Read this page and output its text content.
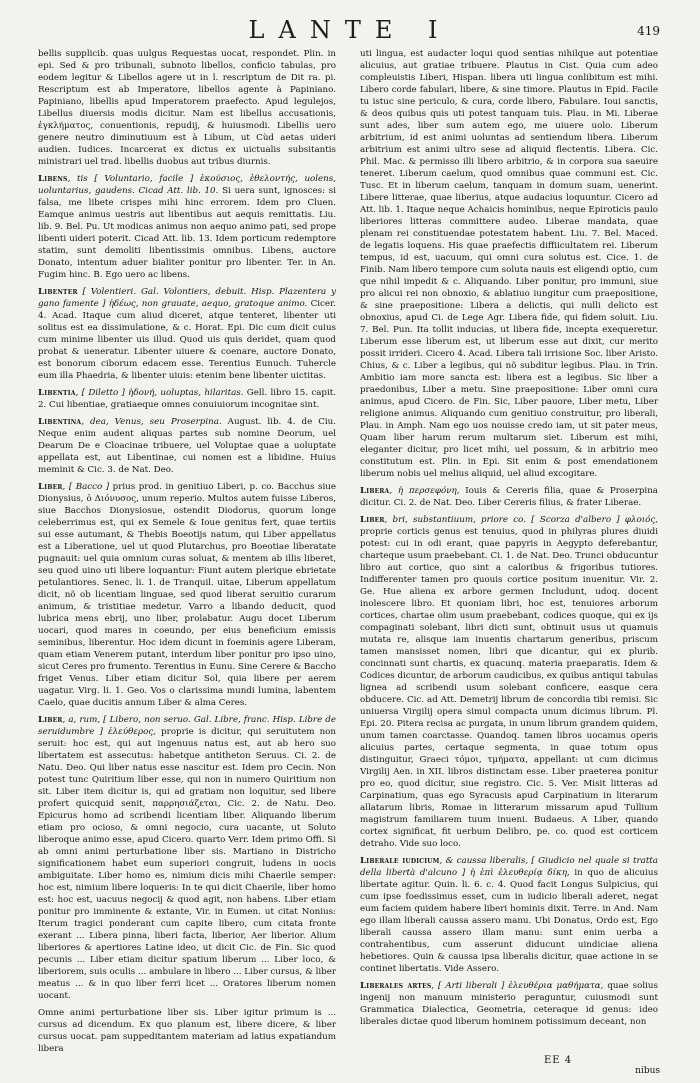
LANTE I	419
bellis supplicib. quas uulgus Requestas uocat, respondet. Plin. in epi. Sed & pro tribunali, subnoto libellos, conficio tabulas, pro eodem legitur & Libellos agere ut in l. rescriptum de Dit ra. pi. Rescriptum est ab Imperatore, libellos agente à Papiniano. Papiniano, libellis apud Imperatorem praefecto. Apud legulejos, Libellus diuersis modis dicitur. Nam est libellus accusationis, ἐγκλήματος, conuentionis, repudij, & huiusmodi. Libellis uero genere neutro diminutiuum est à Libum, ut Cùd aetas uideri audien. Iudices. Incarcerat ex dictus ex uictualis subsitantis ministrari uel trad. libellis duobus aut tribus diurnis.
Libens, tis [ Voluntario, facile ] ἑκούσιος, ἐθελοντής, uolens, uoluntarius, gaudens. Cicad Att. lib. 10. Si uera sunt, ignosces: si falsa, me libete crispes mihi hinc errorem. Idem pro Cluen. Eamque animus uestris aut libentibus aut aequis remittatis. Liu. lib. 9. Bel. Pu. Ut modicas animus non aequo animo pati, sed prope libenti uideri poterit. Cicad Att. lib. 13. Idem porticum redemptore statim, sunt demoliti libentissimis omnibus. Libens, auctore Donato, intentum aduer bialiter ponitur pro libenter. Ter. in An. Fugim hinc. B. Ego uero ac libens.
Libenter [ Volentieri. Gal. Volontiers, debuit. Hisp. Plazentera y gano famente ] ἡδέως, non grauate, aequo, gratoque animo. Cicer. 4. Acad. Itaque cum aliud diceret, atque tenteret, libenter uti solitus est ea dissimulatione, & c. Horat. Epi. Dic cum dicit cuius cum minime libenter uis illud. Quod uis quis deridet, quam quod probat & ueneratur. Libenter uiuere & coenare, auctore Donato, est bonorum ciborum edacem esse. Terentius Eunuch. Tuhercle eum illa Phaedria, & libenter uiuis: etenim bene libenter uictitas.
Libentia, [ Diletto ] ἡδονή, uoluptas, hilaritas. Gell. libro 15. capit. 2. Cui libentiae, gratiaeque omnes conuiuiorum incognitae sint.
Libentina, dea, Venus, seu Proserpina. August. lib. 4. de Ciu. Neque enim audent aliquas partes sub nomine Deorum, uel Dearum De e Cloacinae tribuere, uel Voluptae quae a uoluptate appellata est, aut Libentinae, cui nomen est a libidine. Huius meminit & Cic. 3. de Nat. Deo.
Liber, [ Bacco ] prius prod. in genitiuo Liberi, p. co. Bacchus siue Dionysius, ὁ Διόνυσος, unum reperio. Multos autem fuisse Liberos, siue Bacchos Dionysiosue, ostendit Diodorus, quorum longe celeberrimus est, qui ex Semele & Ioue genitus fert, quae tertiis sui esse autumant, & Thebis Boeotijs natum, qui Liber appellatus est a Liberatione, uel ut quod Plutarchus, pro Boeotiae liberatate pugnauit: uel quia omnium curas soluat, & mentem ab illis liberet, seu quod uino uti libere loquantur: Fiunt autem plerique ebrietate petulantiores. Senec. li. 1. de Tranquil. uitae, Liberum appellatum dicit, nõ ob licentiam linguae, sed quod liberat seruitio curarum animum, & tristitiae medetur. Varro a libando deducit, quod lubrica mens ebrij, uno liber, prolabatur. Augu docet Liberum uocari, quod mares in coeundo, per eius beneficium emissis seminibus, liberentur. Hoc idem dicunt in foeminis agere Liberam, quam etiam Venerem putant, interdum liber ponitur pro ipso uino, sicut Ceres pro frumento. Terentius in Eunu. Sine Cerere & Baccho friget Venus. Liber etiam dicitur Sol, quia libere per aerem uagatur. Virg. li. 1. Geo. Vos o clarissima mundi lumina, labentem Caelo, quae ducitis annum Liber & alma Ceres.
Liber, a, rum, [ Libero, non seruo. Gal. Libre, franc. Hisp. Libre de seruidumbre ] ἐλεύθερος, proprie is dicitur, qui seruitutem non seruit: hoc est, qui aut ingenuus natus est, aut ab hero suo libertatem est assecutus: habetque antitheton Seruus. Ci. 2. de Natu. Deo. Qui liber natus esse nascitur est. Idem pro Cecin. Non potest tunc Quiritium liber esse, qui non in numero Quiritium non sit. Liber item dicitur is, qui ad gratiam non loquitur, sed libere profert quicquid senit, παρρησιάζεται, Cic. 2. de Natu. Deo. Epicurus homo ad scribendi licentiam liber. Aliquando liberum etiam pro ocioso, & omni negocio, cura uacante, ut Soluto liberoque animo esse, apud Cicero. quarto Verr. Idem primo Offi. Si ab omni animi perturbatione liber sis. Martiano in Districho significationem habet eum superiori congruit, ludens in uocis ambiguitate. Liber homo es, nimium dicis mihi Chaerile semper: hoc est, nimium libere loqueris: In te qui dicit Chaerile, liber homo est: hoc est, uacuus negocij & quod agit, non habens. Liber etiam ponitur pro imminente & extante, Vir. in Eumen. ut citat Nonius: Iterum tragici ponderant cum capite libero, cum citata fronte exerant ... Libera pinna, liberi facta, liberior, Aer liberior. Alium liberiores & apertiores Latine ideo, ut dicit Cic. de Fin. Sic quod pecunis ... Liber etiam dicitur spatium liberum ... Liber loco, & liberiorem, suis oculis ... ambulare in libero ... Liber cursus, & liber meatus ... & in quo liber ferri licet ... Oratores liberum nomen uocant.
Omne animi perturbatione liber sis. Liber igitur primum is ... cursus ad dicendum. Ex quo planum est, libere dicere, & liber cursus uocat. pam suppeditantem materiam ad latius expatiandum libera
uti lingua, est audacter loqui quod sentias nihilque aut potentiae alicuius, aut gratiae tribuere. Plautus in Cist. Quia cum adeo compleuistis Liberi, Hispan. libera uti lingua conlibitum est mihi. Libero corde fabulari, libere, & sine timore. Plautus in Epid. Facile tu istuc sine periculo, & cura, corde libero, Fabulare. Ioui sanctis, & deos quibus quis uti potest tanquam tuis. Plau. in Mi. Liberae sunt ades, liber sum autem ego, me uiuere uolo. Liberum arbitrium, id est animi uoluntas ad sentiendum libera. Liberum arbitrium est animi ultro sese ad aliquid flectentis. Libera. Cic. Phil. Mac. & permisso illi libero arbitrio, & in corpora sua saeuire teneret. Liberum caelum, quod omnibus quae communi est. Cic. Tusc. Et in liberum caelum, tanquam in domum suam, uenerint. Libere litterae, quae liberius, atque audacius loquuntur. Cicero ad Att. lib. 1. Itaque neque Achaicis hominibus, neque Epiroticis paulo liberiores litteras committere audeo. Liberae mandata, quae plenam rei constituendae potestatem habent. Liu. 7. Bel. Maced. de legatis loquens. His quae praefectis diffiicultatem rei. Liberum tempus, id est, uacuum, qui omni cura solutus est. Cice. 1. de Finib. Nam libero tempore cum soluta nauis est eligendi optio, cum que nihil impedit & c. Aliquando. Liber ponitur, pro immuni, siue pro alicui rei non obnoxio, & ablatiuo iungitur cum praepositione, & sine praepositione: Libera a delictis, qui nulli delicto est obnoxius, apud Ci. de Lege Agr. Libera fide, qui fidem soluit. Liu. 7. Bel. Pun. Ita tollit inducias, ut libera fide, incepta exequeretur. Liberum esse liberum est, ut liberum esse aut dixit, cur merito possit irrideri. Cicero 4. Acad. Libera tali irrisione Soc. liber Aristo. Chius, & c. Liber a legibus, qui nõ subditur legibus. Plau. in Trin. Ambitio iam more sancta est: libera est a legibus. Sic liber a praedonibus, Liber a metu. Sine praepositione: Liber omni cura animus, apud Cicero. de Fin. Sic, Liber pauore, Liber metu, Liber religione animus. Aliquando cum genitiuo construitur, pro liberali, Plau. in Amph. Nam ego uos nouisse credo iam, ut sit pater meus, Quam liber harum rerum multarum siet. Liberum est mihi, eleganter dicitur, pro licet mihi, uel possum, & in arbitrio meo constitutum est. Plin. in Epi. Sit enim & post emendationem liberum nobis uel melius aliquid, uel aliud excogitare.
Libera, ἡ περσεφόνη, Iouis & Cereris filia, quae & Proserpina dicitur. Ci. 2. de Nat. Deo. Liber Cereris filius, & frater Liberae.
Liber, bri, substantiuum, priore co. [ Scorza d'albero ] φλοιός, proprie corticis genus est tenuius, quod in philyras plures diuidi potest: cui in odi erant, quae papyris in Aegypto deferebantur, charteque usum praebebant. Ci. 1. de Nat. Deo. Trunci obducuntur libro aut cortice, quo sint a caloribus & frigoribus tutiores. Indifferenter tamen pro quouis cortice positum inuenitur. Vir. 2. Ge. Hue aliena ex arbore germen Includunt, udoq. docent inolescere libro. Et quoniam libri, hoc est, tenuiores arborum cortices, chartae olim usum praebebant, codices quoque, qui ex ijs compaginati solebant, libri dicti sunt, obtinuit usus ut quamuis mutata re, alisque iam inuentis chartarum generibus, priscum tamen mansisset nomen, libri que dicantur, qui ex plurib. concinnati sunt chartis, ex quacunq. materia praeparatis. Idem & Codices dicuntur, de arborum caudicibus, ex quibus antiqui tabulas lignea ad scribendi usum solebant conficere, easque cera obducere. Cic. ad Att. Demetrij librum de concordia tibi remisi. Sic uniuersa Virgilij opera simul compacta unum dicimus librum. Pl. Epi. 20. Pitera recisa ac purgata, in unum librum grandem quidem, unum tamen coarctasse. Quandoq. tamen libros uocamus operis alicuius partes, certaque segmenta, in quae totum opus distinguitur, Graeci τόμοι, τμήματα, appellant: ut cum dicimus Virgilij Aen. in XII. libros distinctam esse. Liber praeterea ponitur pro eo, quod dicitur, siue registro. Cic. 5. Ver. Misit litteras ad Carpinatium, quas ego Syracusis apud Carpinatium in literarum allatarum libris, Romae in litterarum missarum apud Tullium magistrum familiarem tuum inueni. Budaeus. A Liber, quando cortex significat, fit uerbum Delibro, pe. co. quod est corticem detraho. Vide suo loco.
Liberale iudicium, & caussa liberalis, [ Giudicio nel quale si tratta della libertà d'alcuno ] ἡ ἐπὶ ἐλευθερίᾳ δίκη, in quo de alicuius libertate agitur. Quin. li. 6. c. 4. Quod facit Longus Sulpicius, qui cum ipse foedissimus esset, cum in iudicio liberali aderet, negat eum faciem quidem habere liberi hominis dixit. Terre. in And. Nam ego illam liberali caussa assero manu. Ubi Donatus, Ordo est, Ego liberali caussa assero illam manu: sunt enim uerba a contrahentibus, cum asserunt diducunt uindiciae aliena hebetiores. Quin & caussa ipsa liberalis dicitur, quae actione in se continet libertatis. Vide Assero.
Liberales artes, [ Arti liberali ] ἐλευθέρια μαθήματα, quae solius ingenij non manuum ministerio peraguntur, cuiusmodi sunt Grammatica Dialectica, Geometria, ceteraque id genus: ideo liberales dictae quod liberum hominem potissimum deceant, non
EE 4
nibus
